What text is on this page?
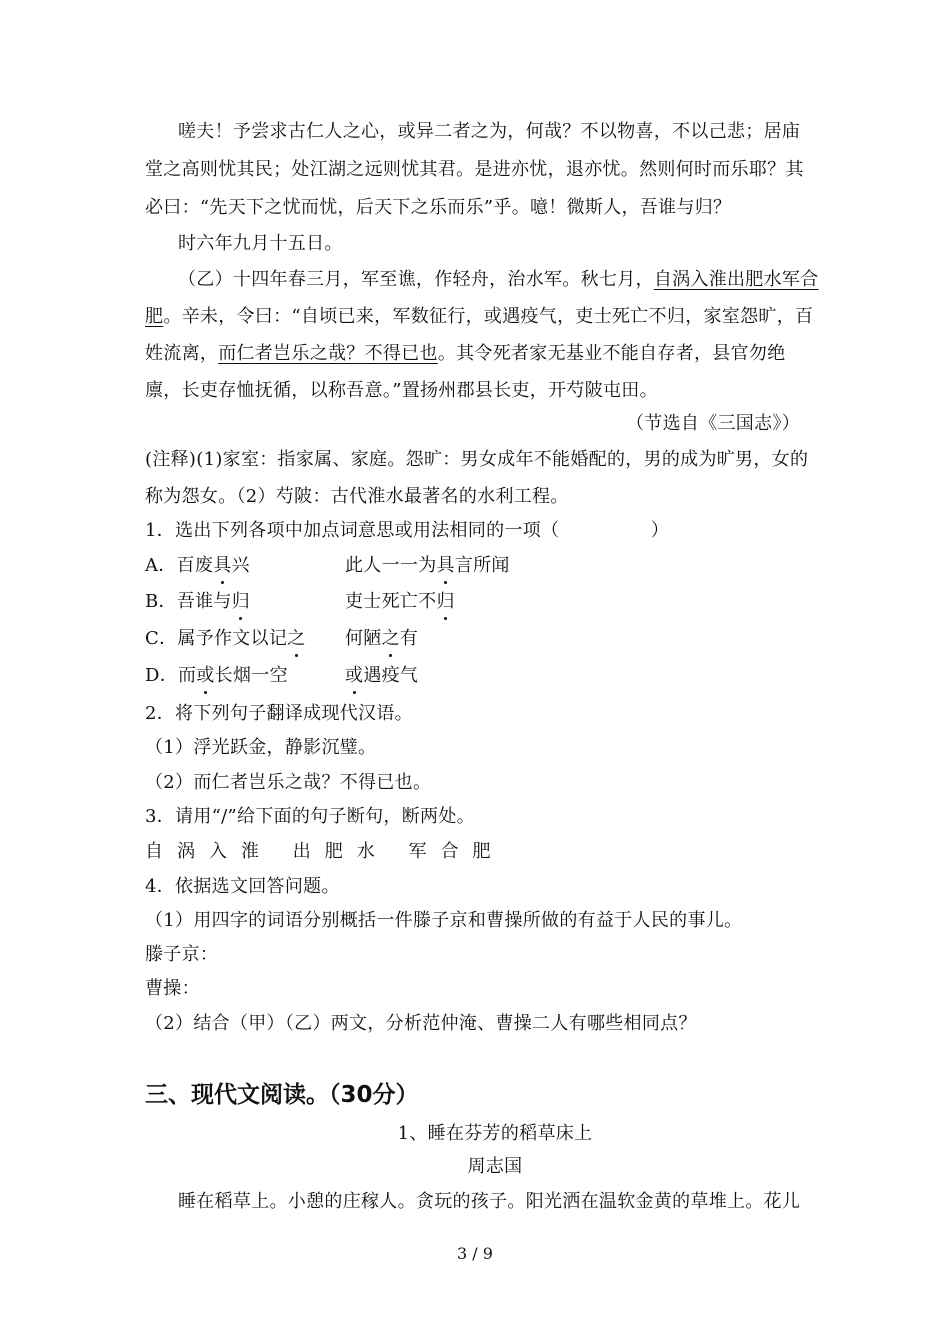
嗟夫！予尝求古仁人之心，或异二者之为，何哉？不以物喜，不以己悲；居庙
堂之高则忧其民；处江湖之远则忧其君。是进亦忧，退亦忧。然则何时而乐耶？其
必曰：“先天下之忧而忧，后天下之乐而乐”乎。噫！微斯人，吾谁与归？
时六年九月十五日。
（乙）十四年春三月，军至谯，作轻舟，治水军。秋七月，自涡入淮出肥水军合
肥。辛未，令曰：“自顷已来，军数征行，或遇疫气，吏士死亡不归，家室怨旷，百
姓流离，而仁者岂乐之哉？不得已也。其令死者家无基业不能自存者，县官勿绝
廪，长吏存恤抚循，以称吾意。”置扬州郡县长吏，开芍陂屯田。
（节选自《三国志》）
(注释)(1)家室：指家属、家庭。怨旷：男女成年不能婚配的，男的成为旷男，女的
称为怨女。（2）芍陂：古代淮水最著名的水利工程。
1．选出下列各项中加点词意思或用法相同的一项（　　　　　）
A．百废具兴	此人一一为具言所闻
B．吾谁与归	吏士死亡不归
C．属予作文以记之 何陋之有
D．而或长烟一空	或遇疫气
2．将下列句子翻译成现代汉语。
（1）浮光跃金，静影沉璧。
（2）而仁者岂乐之哉？不得已也。
3．请用“/”给下面的句子断句，断两处。
自涡入淮 出肥水 军合肥
4．依据选文回答问题。
（1）用四字的词语分别概括一件滕子京和曹操所做的有益于人民的事儿。
滕子京：
曹操：
（2）结合（甲）（乙）两文，分析范仲淹、曹操二人有哪些相同点？
三、现代文阅读。（30分）
1、睡在芬芳的稻草床上
周志国
睡在稻草上。小憩的庄稼人。贪玩的孩子。阳光洒在温软金黄的草堆上。花儿
3 / 9
